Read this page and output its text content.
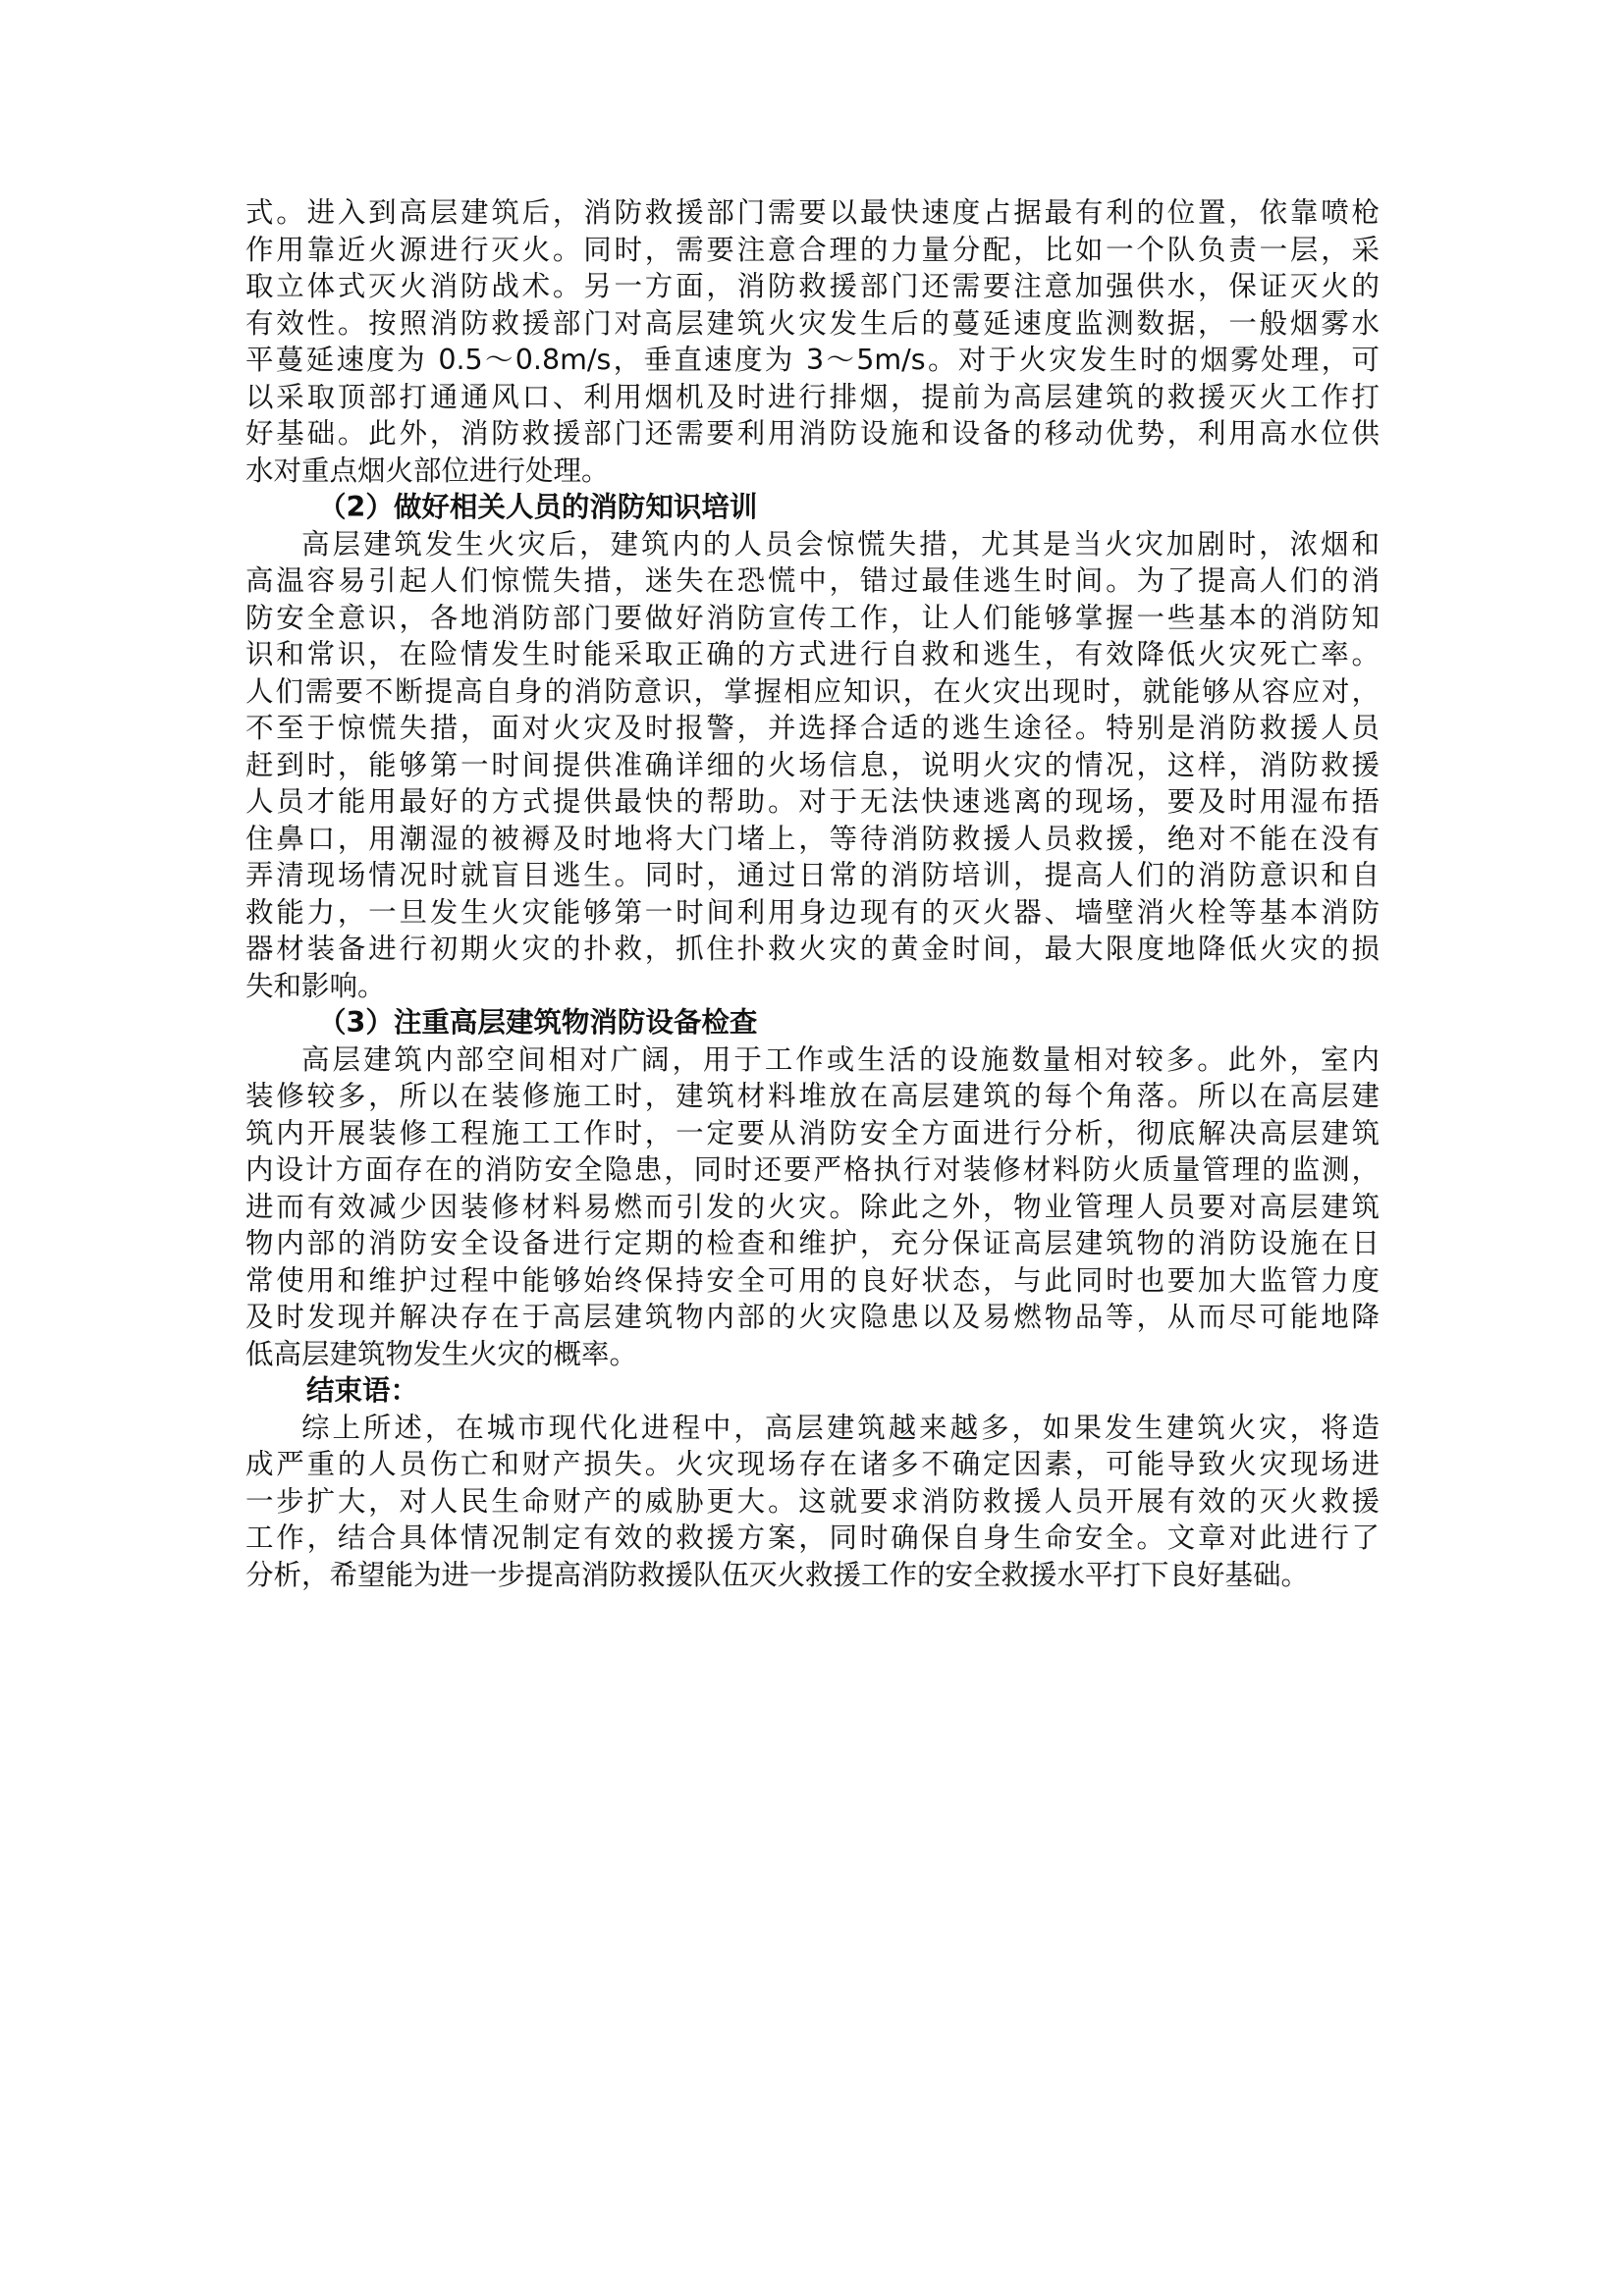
式。进入到高层建筑后，消防救援部门需要以最快速度占据最有利的位置，依靠喷枪
作用靠近火源进行灭火。同时，需要注意合理的力量分配，比如一个队负责一层，采
取立体式灭火消防战术。另一方面，消防救援部门还需要注意加强供水，保证灭火的
有效性。按照消防救援部门对高层建筑火灾发生后的蔓延速度监测数据，一般烟雾水
平蔓延速度为 0.5～0.8m/s，垂直速度为 3～5m/s。对于火灾发生时的烟雾处理，可
以采取顶部打通通风口、利用烟机及时进行排烟，提前为高层建筑的救援灭火工作打
好基础。此外，消防救援部门还需要利用消防设施和设备的移动优势，利用高水位供
水对重点烟火部位进行处理。
（2）做好相关人员的消防知识培训
高层建筑发生火灾后，建筑内的人员会惊慌失措，尤其是当火灾加剧时，浓烟和
高温容易引起人们惊慌失措，迷失在恐慌中，错过最佳逃生时间。为了提高人们的消
防安全意识，各地消防部门要做好消防宣传工作，让人们能够掌握一些基本的消防知
识和常识，在险情发生时能采取正确的方式进行自救和逃生，有效降低火灾死亡率。
人们需要不断提高自身的消防意识，掌握相应知识，在火灾出现时，就能够从容应对，
不至于惊慌失措，面对火灾及时报警，并选择合适的逃生途径。特别是消防救援人员
赶到时，能够第一时间提供准确详细的火场信息，说明火灾的情况，这样，消防救援
人员才能用最好的方式提供最快的帮助。对于无法快速逃离的现场，要及时用湿布捂
住鼻口，用潮湿的被褥及时地将大门堵上，等待消防救援人员救援，绝对不能在没有
弄清现场情况时就盲目逃生。同时，通过日常的消防培训，提高人们的消防意识和自
救能力，一旦发生火灾能够第一时间利用身边现有的灭火器、墙壁消火栓等基本消防
器材装备进行初期火灾的扑救，抓住扑救火灾的黄金时间，最大限度地降低火灾的损
失和影响。
（3）注重高层建筑物消防设备检查
高层建筑内部空间相对广阔，用于工作或生活的设施数量相对较多。此外，室内
装修较多，所以在装修施工时，建筑材料堆放在高层建筑的每个角落。所以在高层建
筑内开展装修工程施工工作时，一定要从消防安全方面进行分析，彻底解决高层建筑
内设计方面存在的消防安全隐患，同时还要严格执行对装修材料防火质量管理的监测，
进而有效减少因装修材料易燃而引发的火灾。除此之外，物业管理人员要对高层建筑
物内部的消防安全设备进行定期的检查和维护，充分保证高层建筑物的消防设施在日
常使用和维护过程中能够始终保持安全可用的良好状态，与此同时也要加大监管力度
及时发现并解决存在于高层建筑物内部的火灾隐患以及易燃物品等，从而尽可能地降
低高层建筑物发生火灾的概率。
结束语：
综上所述，在城市现代化进程中，高层建筑越来越多，如果发生建筑火灾，将造
成严重的人员伤亡和财产损失。火灾现场存在诸多不确定因素，可能导致火灾现场进
一步扩大，对人民生命财产的威胁更大。这就要求消防救援人员开展有效的灭火救援
工作，结合具体情况制定有效的救援方案，同时确保自身生命安全。文章对此进行了
分析，希望能为进一步提高消防救援队伍灭火救援工作的安全救援水平打下良好基础。
